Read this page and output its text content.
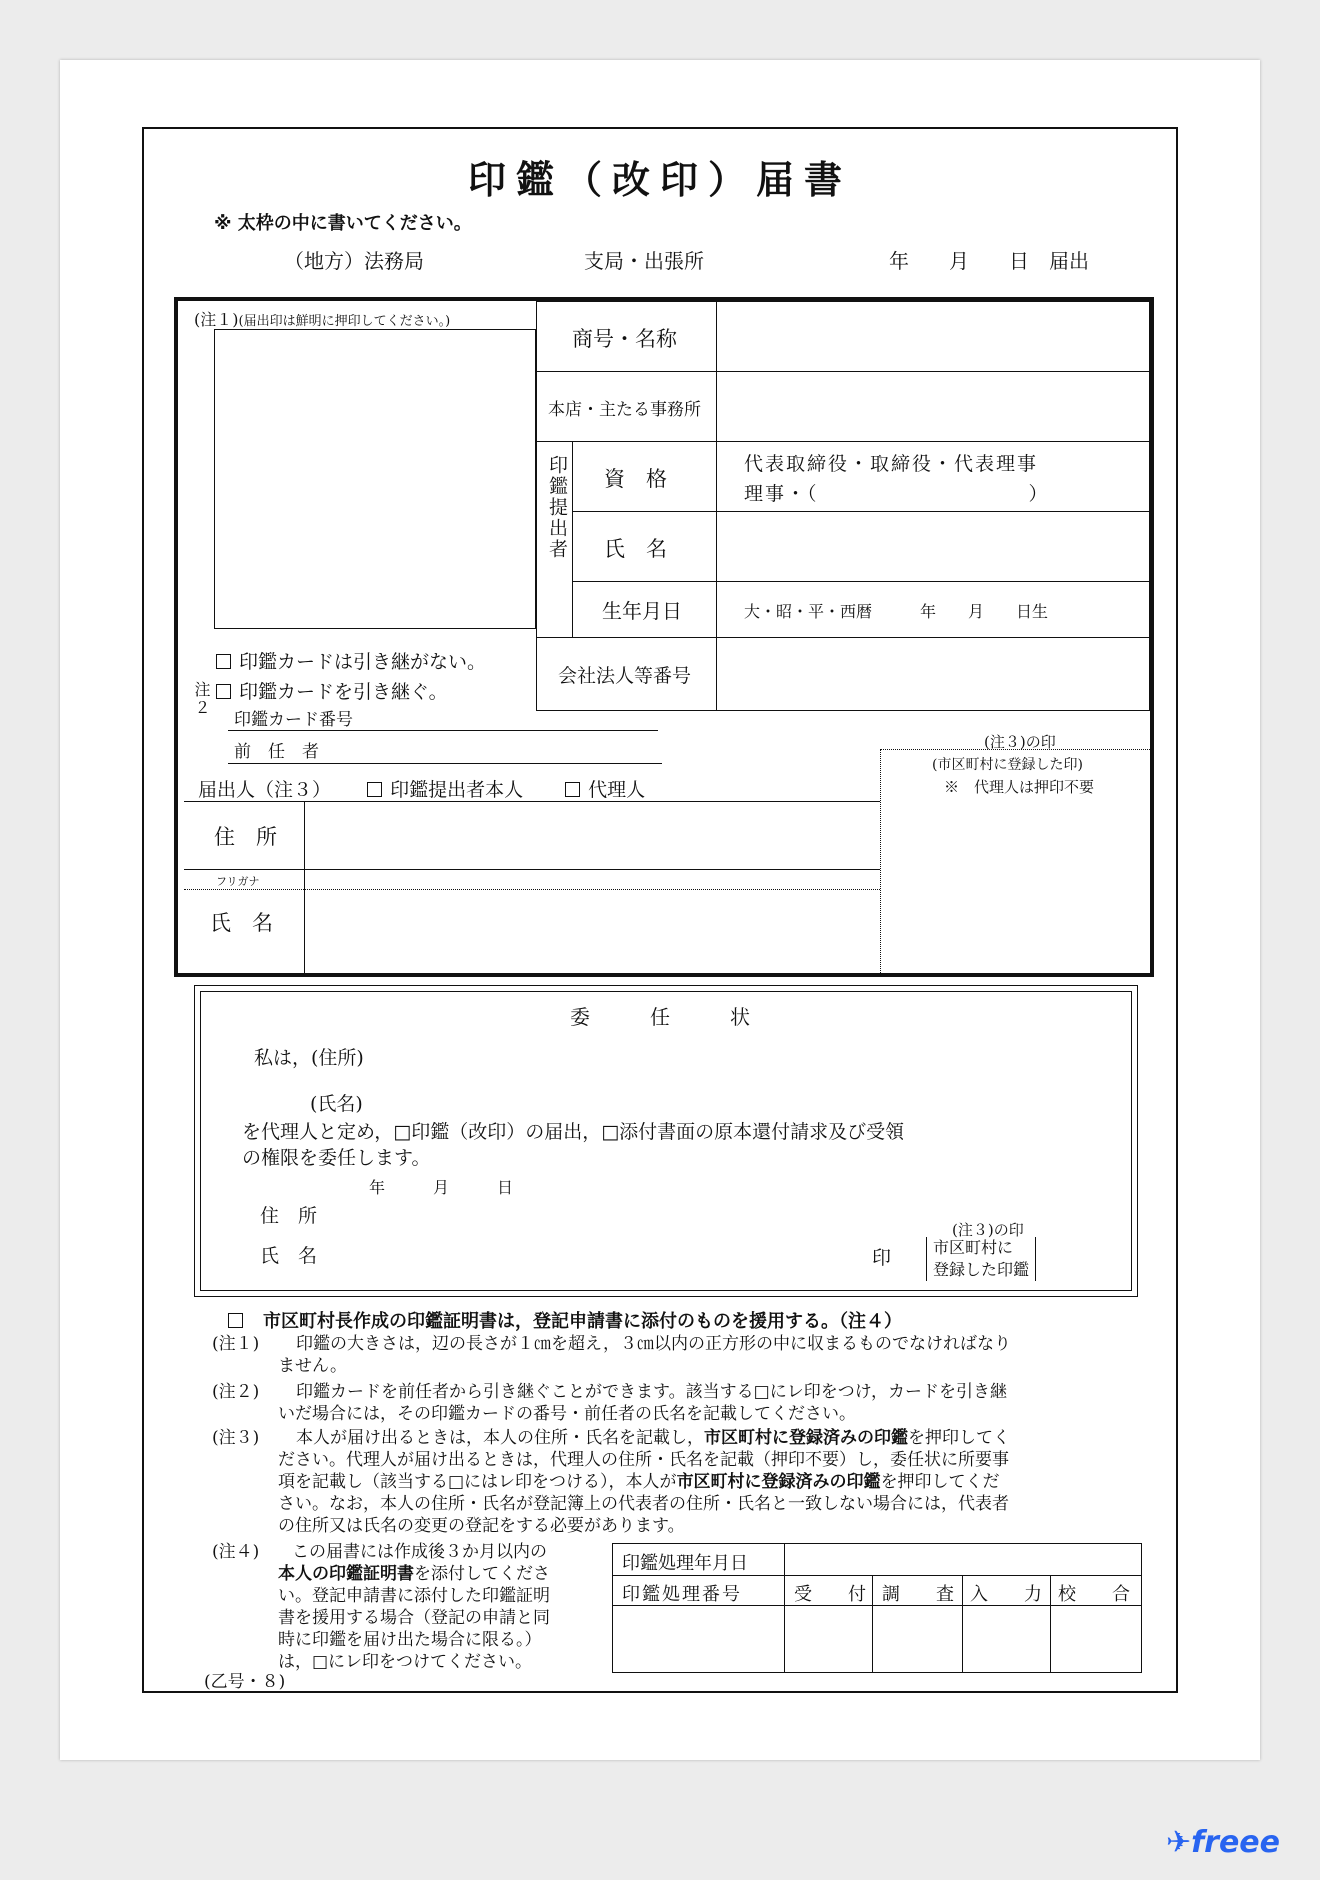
印鑑（改印）届書
※ 太枠の中に書いてください。
（地方）法務局	支局・出張所	年　　月　　日　届出
(注１)(届出印は鮮明に押印してください。)
商号・名称
本店・主たる事務所
印鑑提出者 資　格
代表取締役・取締役・代表理事
理事・（　　　　　　　　　　）
氏　名
生年月日	大・昭・平・西暦　　　年　　月　　日生
会社法人等番号
印鑑カードは引き継がない。
印鑑カードを引き継ぐ。
注２
印鑑カード番号
前　任　者
届出人（注３）	印鑑提出者本人	代理人
住　所
フリガナ
氏　名
(注３)の印
(市区町村に登録した印)
※　代理人は押印不要
委　　　任　　　状
私は，(住所)
(氏名)
を代理人と定め，□印鑑（改印）の届出，□添付書面の原本還付請求及び受領
の権限を委任します。
年　　　月　　　日
住　所
氏　名	印
(注３)の印
市区町村に
登録した印鑑
市区町村長作成の印鑑証明書は，登記申請書に添付のものを援用する。（注４）
(注１) 印鑑の大きさは，辺の長さが１㎝を超え，３㎝以内の正方形の中に収まるものでなければなり
ません。
(注２) 印鑑カードを前任者から引き継ぐことができます。該当する□にレ印をつけ，カードを引き継
いだ場合には，その印鑑カードの番号・前任者の氏名を記載してください。
(注３) 本人が届け出るときは，本人の住所・氏名を記載し，市区町村に登録済みの印鑑を押印してく
ださい。代理人が届け出るときは，代理人の住所・氏名を記載（押印不要）し，委任状に所要事
項を記載し（該当する□にはレ印をつける），本人が市区町村に登録済みの印鑑を押印してくだ
さい。なお，本人の住所・氏名が登記簿上の代表者の住所・氏名と一致しない場合には，代表者
の住所又は氏名の変更の登記をする必要があります。
(注４) この届書には作成後３か月以内の
本人の印鑑証明書を添付してくださ
い。登記申請書に添付した印鑑証明
書を援用する場合（登記の申請と同
時に印鑑を届け出た場合に限る。）
は，□にレ印をつけてください。
印鑑処理年月日
印鑑処理番号	受　　付 調　　査 入　　力 校　　合
(乙号・８)
✈freee
